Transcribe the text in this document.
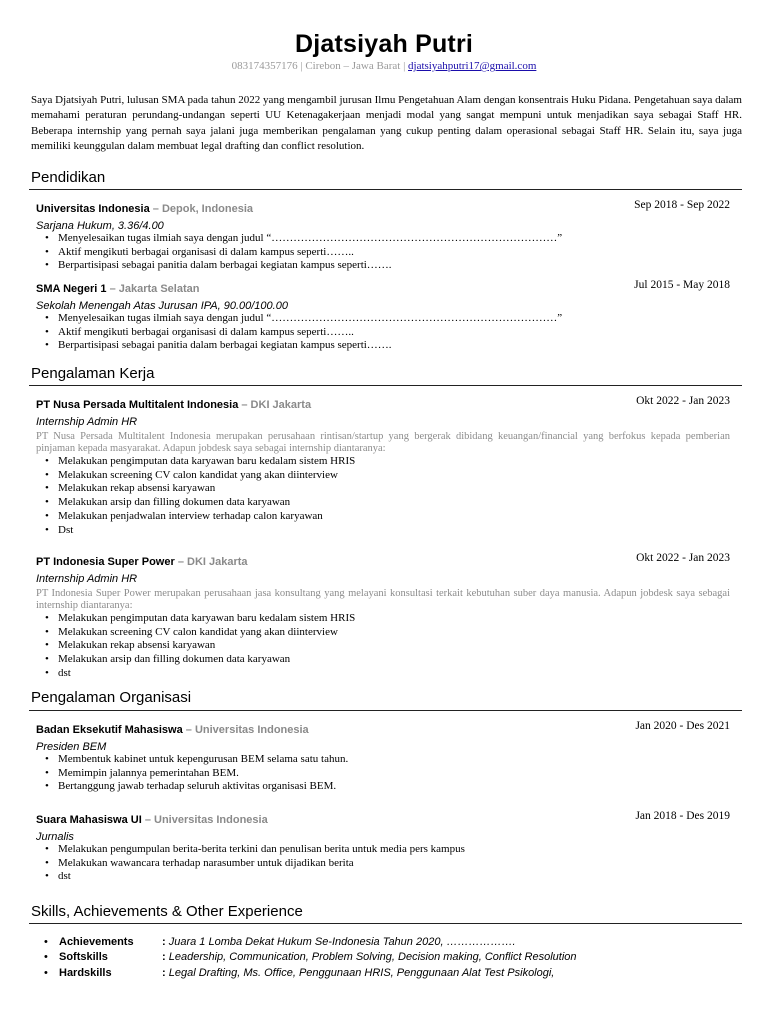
Djatsiyah Putri
083174357176 | Cirebon – Jawa Barat | djatsiyahputri17@gmail.com
Saya Djatsiyah Putri, lulusan SMA pada tahun 2022 yang mengambil jurusan Ilmu Pengetahuan Alam dengan konsentrais Huku Pidana. Pengetahuan saya dalam memahami peraturan perundang-undangan seperti UU Ketenagakerjaan menjadi modal yang sangat mempuni untuk menjadikan saya sebagai Staff HR. Beberapa internship yang pernah saya jalani juga memberikan pengalaman yang cukup penting dalam operasional sebagai Staff HR. Selain itu, saya juga memiliki keunggulan dalam membuat legal drafting dan conflict resolution.
Pendidikan
Universitas Indonesia – Depok, Indonesia	Sep 2018 - Sep 2022
Sarjana Hukum, 3.36/4.00
• Menyelesaikan tugas ilmiah saya dengan judul “……………………………………………………………………”
• Aktif mengikuti berbagai organisasi di dalam kampus seperti……..
• Berpartisipasi sebagai panitia dalam berbagai kegiatan kampus seperti…….
SMA Negeri 1 – Jakarta Selatan	Jul 2015 - May 2018
Sekolah Menengah Atas Jurusan IPA, 90.00/100.00
• Menyelesaikan tugas ilmiah saya dengan judul “……………………………………………………………………”
• Aktif mengikuti berbagai organisasi di dalam kampus seperti……..
• Berpartisipasi sebagai panitia dalam berbagai kegiatan kampus seperti…….
Pengalaman Kerja
PT Nusa Persada Multitalent Indonesia – DKI Jakarta	Okt 2022 - Jan 2023
Internship Admin HR
PT Nusa Persada Multitalent Indonesia merupakan perusahaan rintisan/startup yang bergerak dibidang keuangan/financial yang berfokus kepada pemberian pinjaman kepada masyarakat. Adapun jobdesk saya sebagai internship diantaranya:
• Melakukan pengimputan data karyawan baru kedalam sistem HRIS
• Melakukan screening CV calon kandidat yang akan diinterview
• Melakukan rekap absensi karyawan
• Melakukan arsip dan filling dokumen data karyawan
• Melakukan penjadwalan interview terhadap calon karyawan
• Dst
PT Indonesia Super Power – DKI Jakarta	Okt 2022 - Jan 2023
Internship Admin HR
PT Indonesia Super Power merupakan perusahaan jasa konsultang yang melayani konsultasi terkait kebutuhan suber daya manusia. Adapun jobdesk saya sebagai internship diantaranya:
• Melakukan pengimputan data karyawan baru kedalam sistem HRIS
• Melakukan screening CV calon kandidat yang akan diinterview
• Melakukan rekap absensi karyawan
• Melakukan arsip dan filling dokumen data karyawan
• dst
Pengalaman Organisasi
Badan Eksekutif Mahasiswa – Universitas Indonesia	Jan 2020 - Des 2021
Presiden BEM
• Membentuk kabinet untuk kepengurusan BEM selama satu tahun.
• Memimpin jalannya pemerintahan BEM.
• Bertanggung jawab terhadap seluruh aktivitas organisasi BEM.
Suara Mahasiswa UI – Universitas Indonesia	Jan 2018 - Des 2019
Jurnalis
• Melakukan pengumpulan berita-berita terkini dan penulisan berita untuk media pers kampus
• Melakukan wawancara terhadap narasumber untuk dijadikan berita
• dst
Skills, Achievements & Other Experience
• Achievements	: Juara 1 Lomba Dekat Hukum Se-Indonesia Tahun 2020, ……………….
• Softskills	: Leadership, Communication, Problem Solving, Decision making, Conflict Resolution
• Hardskills	: Legal Drafting, Ms. Office, Penggunaan HRIS, Penggunaan Alat Test Psikologi,
